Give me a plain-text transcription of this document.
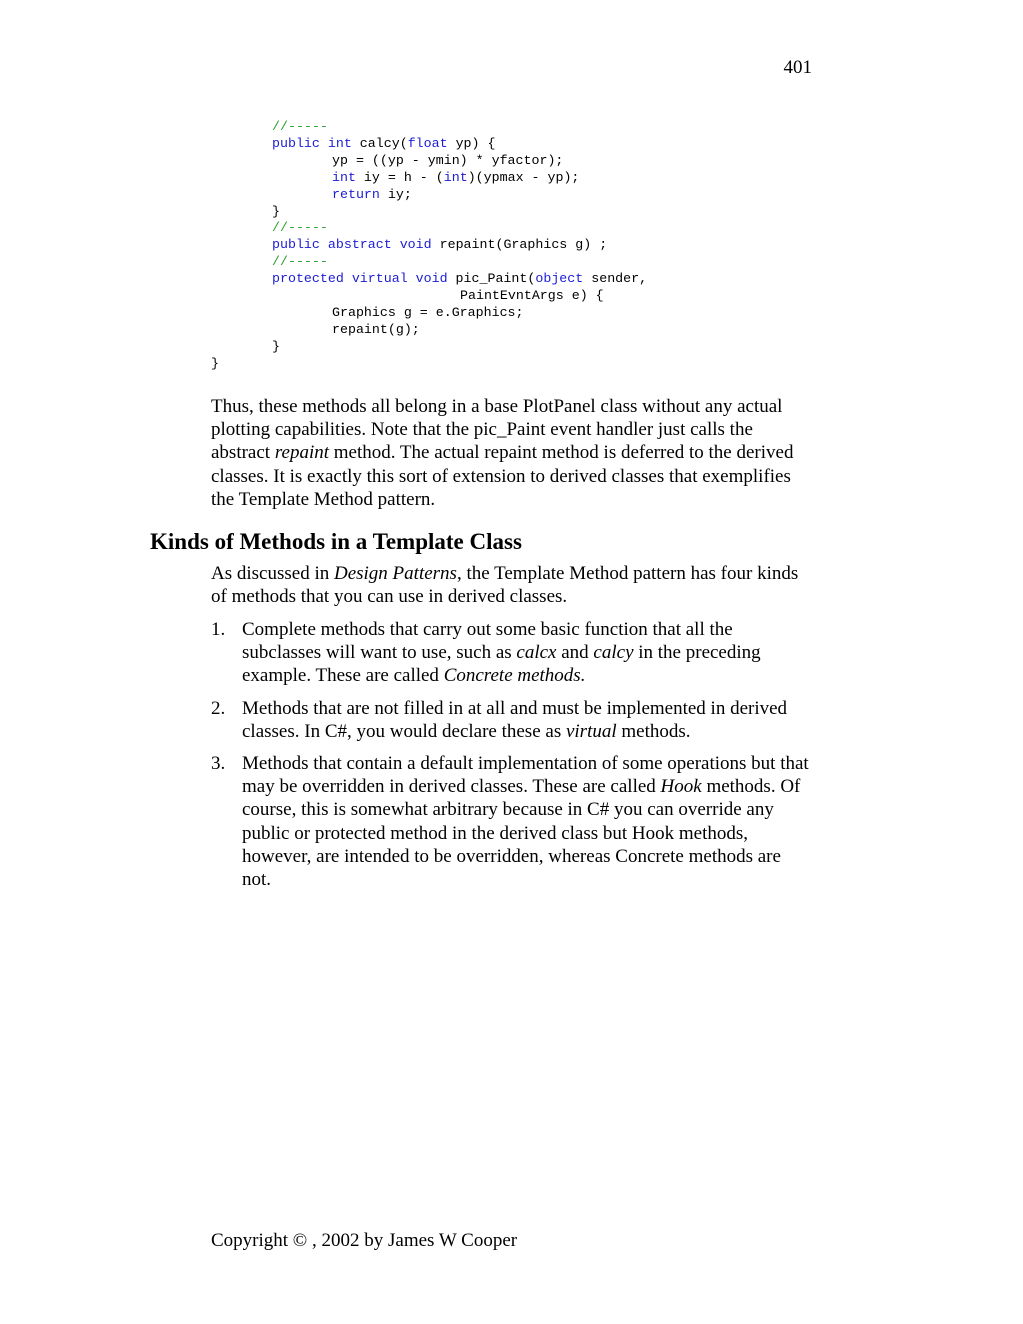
401
//-----
public int calcy(float yp) {
yp = ((yp - ymin) * yfactor);
int iy = h - (int)(ypmax - yp);
return iy;
}
//-----
public abstract void repaint(Graphics g) ;
//-----
protected virtual void pic_Paint(object sender,
PaintEvntArgs e) {
Graphics g = e.Graphics;
repaint(g);
}
}
Thus, these methods all belong in a base PlotPanel class without any actual plotting capabilities. Note that the pic_Paint event handler just calls the abstract repaint method. The actual repaint method is deferred to the derived classes. It is exactly this sort of extension to derived classes that exemplifies the Template Method pattern.
Kinds of Methods in a Template Class
As discussed in Design Patterns, the Template Method pattern has four kinds of methods that you can use in derived classes.
1. Complete methods that carry out some basic function that all the subclasses will want to use, such as calcx and calcy in the preceding example. These are called Concrete methods.
2. Methods that are not filled in at all and must be implemented in derived classes. In C#, you would declare these as virtual methods.
3. Methods that contain a default implementation of some operations but that may be overridden in derived classes. These are called Hook methods. Of course, this is somewhat arbitrary because in C# you can override any public or protected method in the derived class but Hook methods, however, are intended to be overridden, whereas Concrete methods are not.
Copyright © , 2002 by James W Cooper
